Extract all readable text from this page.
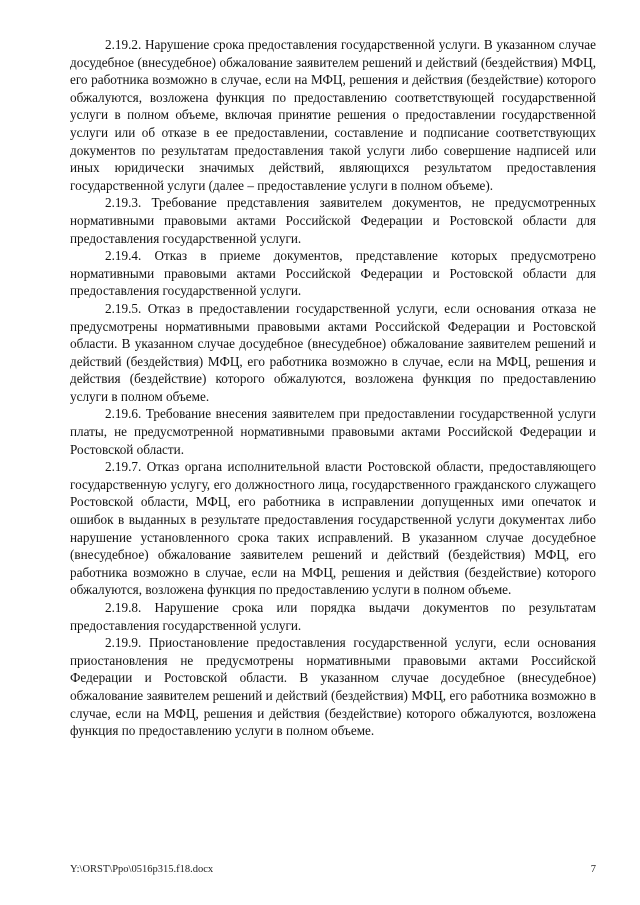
2.19.2. Нарушение срока предоставления государственной услуги. В указанном случае досудебное (внесудебное) обжалование заявителем решений и действий (бездействия) МФЦ, его работника возможно в случае, если на МФЦ, решения и действия (бездействие) которого обжалуются, возложена функция по предоставлению соответствующей государственной услуги в полном объеме, включая принятие решения о предоставлении государственной услуги или об отказе в ее предоставлении, составление и подписание соответствующих документов по результатам предоставления такой услуги либо совершение надписей или иных юридически значимых действий, являющихся результатом предоставления государственной услуги (далее – предоставление услуги в полном объеме).

2.19.3. Требование представления заявителем документов, не предусмотренных нормативными правовыми актами Российской Федерации и Ростовской области для предоставления государственной услуги.

2.19.4. Отказ в приеме документов, представление которых предусмотрено нормативными правовыми актами Российской Федерации и Ростовской области для предоставления государственной услуги.

2.19.5. Отказ в предоставлении государственной услуги, если основания отказа не предусмотрены нормативными правовыми актами Российской Федерации и Ростовской области. В указанном случае досудебное (внесудебное) обжалование заявителем решений и действий (бездействия) МФЦ, его работника возможно в случае, если на МФЦ, решения и действия (бездействие) которого обжалуются, возложена функция по предоставлению услуги в полном объеме.

2.19.6. Требование внесения заявителем при предоставлении государственной услуги платы, не предусмотренной нормативными правовыми актами Российской Федерации и Ростовской области.

2.19.7. Отказ органа исполнительной власти Ростовской области, предоставляющего государственную услугу, его должностного лица, государственного гражданского служащего Ростовской области, МФЦ, его работника в исправлении допущенных ими опечаток и ошибок в выданных в результате предоставления государственной услуги документах либо нарушение установленного срока таких исправлений. В указанном случае досудебное (внесудебное) обжалование заявителем решений и действий (бездействия) МФЦ, его работника возможно в случае, если на МФЦ, решения и действия (бездействие) которого обжалуются, возложена функция по предоставлению услуги в полном объеме.

2.19.8. Нарушение срока или порядка выдачи документов по результатам предоставления государственной услуги.

2.19.9. Приостановление предоставления государственной услуги, если основания приостановления не предусмотрены нормативными правовыми актами Российской Федерации и Ростовской области. В указанном случае досудебное (внесудебное) обжалование заявителем решений и действий (бездействия) МФЦ, его работника возможно в случае, если на МФЦ, решения и действия (бездействие) которого обжалуются, возложена функция по предоставлению услуги в полном объеме.

Y:\ORST\Ppo\0516p315.f18.docx	7
